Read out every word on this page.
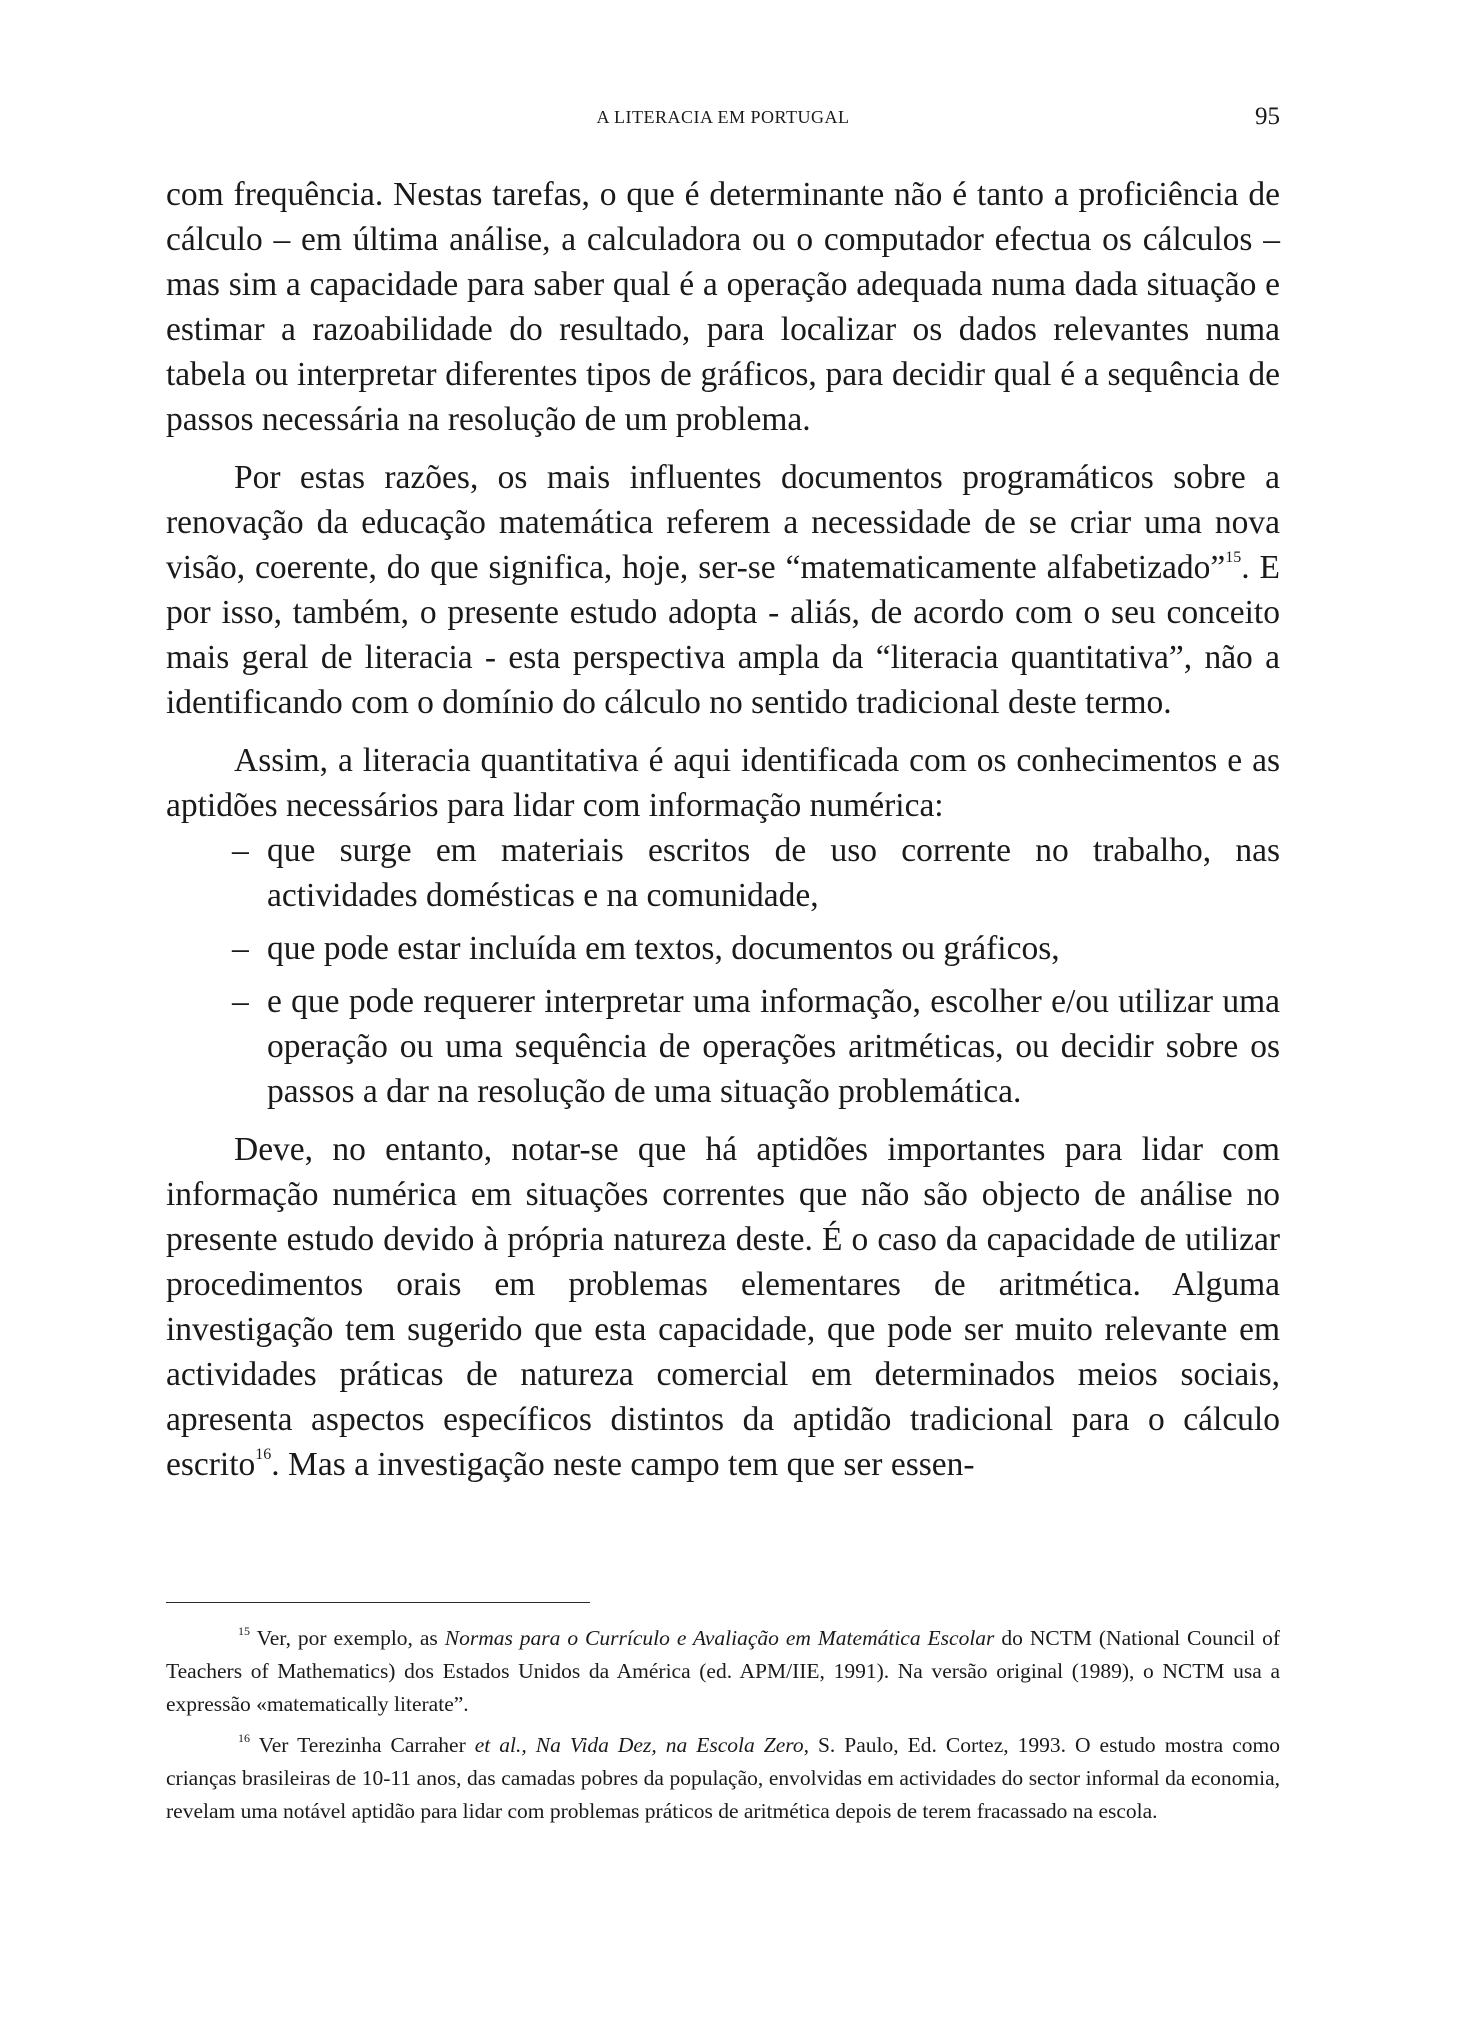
A LITERACIA EM PORTUGAL	95

com frequência. Nestas tarefas, o que é determinante não é tanto a proficiência de cálculo – em última análise, a calculadora ou o computador efectua os cálculos – mas sim a capacidade para saber qual é a operação adequada numa dada situação e estimar a razoabilidade do resultado, para localizar os dados relevantes numa tabela ou interpretar diferentes tipos de gráficos, para decidir qual é a sequência de passos necessária na resolução de um problema.

Por estas razões, os mais influentes documentos programáticos sobre a renovação da educação matemática referem a necessidade de se criar uma nova visão, coerente, do que significa, hoje, ser-se “matematicamente alfabetizado”$^{15}$. E por isso, também, o presente estudo adopta - aliás, de acordo com o seu conceito mais geral de literacia - esta perspectiva ampla da “literacia quantitativa”, não a identificando com o domínio do cálculo no sentido tradicional deste termo.

Assim, a literacia quantitativa é aqui identificada com os conhecimentos e as aptidões necessários para lidar com informação numérica:

– que surge em materiais escritos de uso corrente no trabalho, nas actividades domésticas e na comunidade,
– que pode estar incluída em textos, documentos ou gráficos,
– e que pode requerer interpretar uma informação, escolher e/ou utilizar uma operação ou uma sequência de operações aritméticas, ou decidir sobre os passos a dar na resolução de uma situação problemática.

Deve, no entanto, notar-se que há aptidões importantes para lidar com informação numérica em situações correntes que não são objecto de análise no presente estudo devido à própria natureza deste. É o caso da capacidade de utilizar procedimentos orais em problemas elementares de aritmética. Alguma investigação tem sugerido que esta capacidade, que pode ser muito relevante em actividades práticas de natureza comercial em determinados meios sociais, apresenta aspectos específicos distintos da aptidão tradicional para o cálculo escrito$^{16}$. Mas a investigação neste campo tem que ser essen-

$^{15}$ Ver, por exemplo, as Normas para o Currículo e Avaliação em Matemática Escolar do NCTM (National Council of Teachers of Mathematics) dos Estados Unidos da América (ed. APM/IIE, 1991). Na versão original (1989), o NCTM usa a expressão «matematically literate”.

$^{16}$ Ver Terezinha Carraher et al., Na Vida Dez, na Escola Zero, S. Paulo, Ed. Cortez, 1993. O estudo mostra como crianças brasileiras de 10-11 anos, das camadas pobres da população, envolvidas em actividades do sector informal da economia, revelam uma notável aptidão para lidar com problemas práticos de aritmética depois de terem fracassado na escola.
